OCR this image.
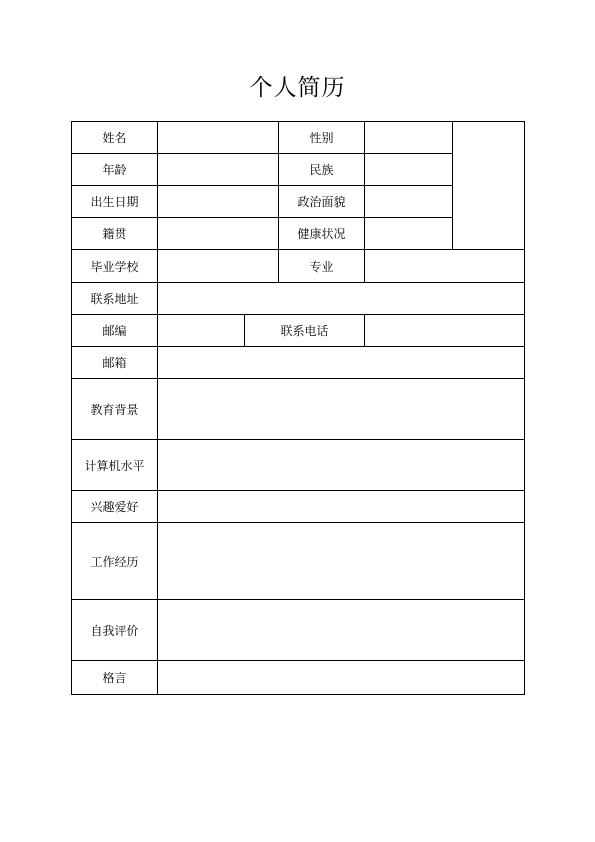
个人简历
姓名			性别		
年龄			民族		
出生日期			政治面貌		
籍贯			健康状况		
毕业学校			专业		
联系地址					
邮编		联系电话			
邮箱					
教育背景					
计算机水平					
兴趣爱好					
工作经历					
自我评价					
格言					
